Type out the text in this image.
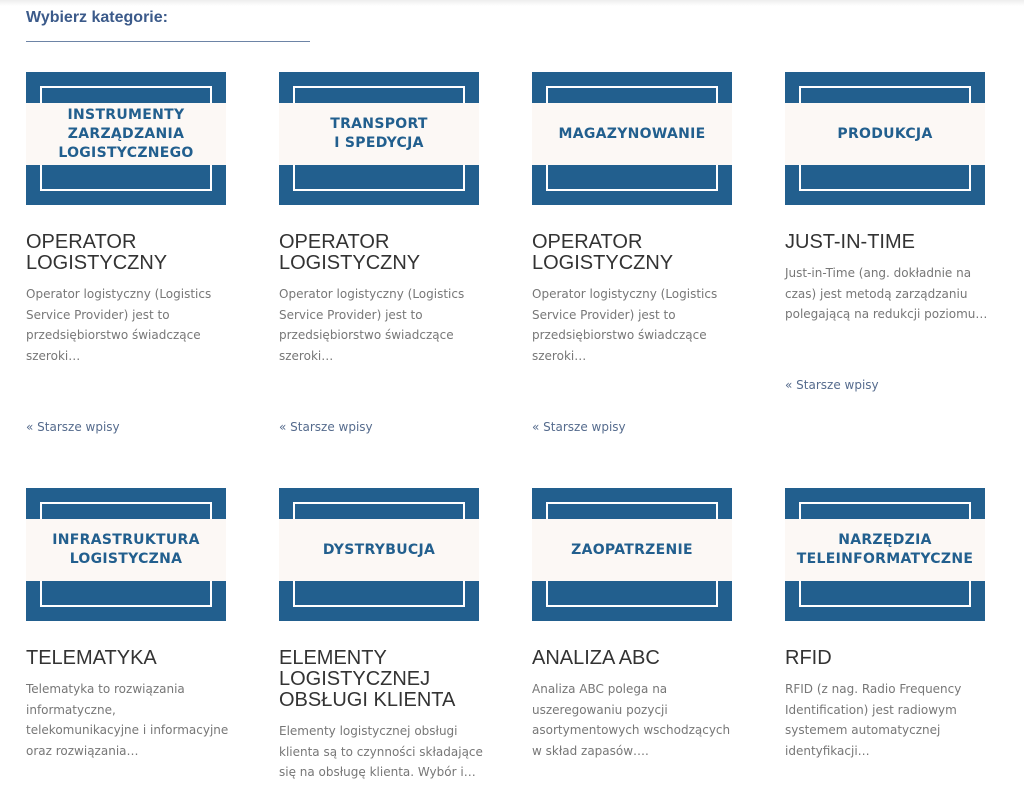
Wybierz kategorie:
INSTRUMENTY
ZARZĄDZANIA
LOGISTYCZNEGO
OPERATOR LOGISTYCZNY
Operator logistyczny (Logistics Service Provider) jest to przedsiębiorstwo świadczące szeroki…
« Starsze wpisy
TRANSPORT
I SPEDYCJA
OPERATOR LOGISTYCZNY
Operator logistyczny (Logistics Service Provider) jest to przedsiębiorstwo świadczące szeroki…
« Starsze wpisy
MAGAZYNOWANIE
OPERATOR LOGISTYCZNY
Operator logistyczny (Logistics Service Provider) jest to przedsiębiorstwo świadczące szeroki…
« Starsze wpisy
PRODUKCJA
JUST-IN-TIME
Just-in-Time (ang. dokładnie na czas) jest metodą zarządzaniu polegającą na redukcji poziomu…
« Starsze wpisy
INFRASTRUKTURA
LOGISTYCZNA
TELEMATYKA
Telematyka to rozwiązania informatyczne, telekomunikacyjne i informacyjne oraz rozwiązania…
DYSTRYBUCJA
ELEMENTY LOGISTYCZNEJ OBSŁUGI KLIENTA
Elementy logistycznej obsługi klienta są to czynności składające się na obsługę klienta. Wybór i…
ZAOPATRZENIE
ANALIZA ABC
Analiza ABC polega na uszeregowaniu pozycji asortymentowych wschodzących w skład zapasów….
NARZĘDZIA
TELEINFORMATYCZNE
RFID
RFID (z nag. Radio Frequency Identification) jest radiowym systemem automatycznej identyfikacji…
